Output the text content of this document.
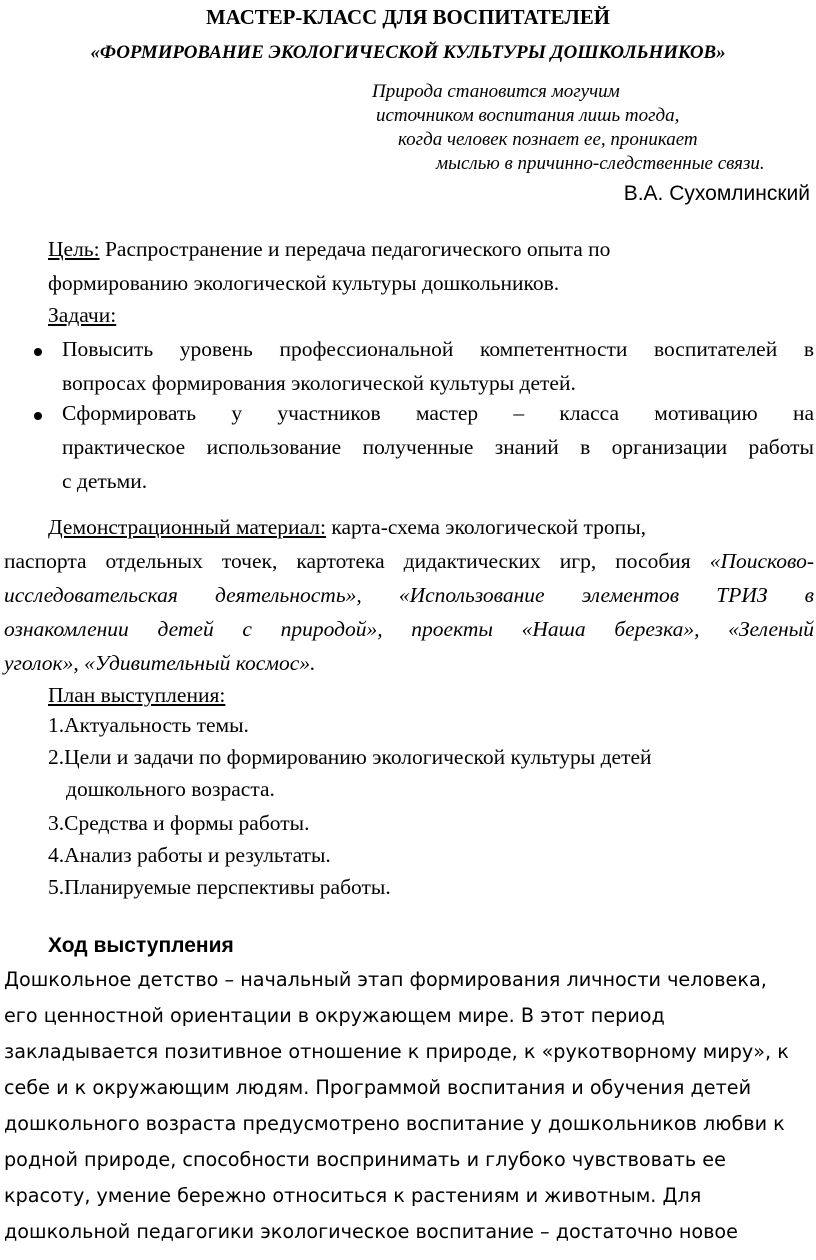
МАСТЕР-КЛАСС ДЛЯ ВОСПИТАТЕЛЕЙ
«ФОРМИРОВАНИЕ ЭКОЛОГИЧЕСКОЙ КУЛЬТУРЫ ДОШКОЛЬНИКОВ»
Природа становится могучим
источником воспитания лишь тогда,
когда человек познает ее, проникает
мыслью в причинно-следственные связи.
В.А. Сухомлинский
Цель: Распространение и передача педагогического опыта по
формированию экологической культуры дошкольников.
Задачи:
Повысить уровень профессиональной компетентности воспитателей в
вопросах формирования экологической культуры детей.
Сформировать у участников мастер – класса мотивацию на
практическое использование полученные знаний в организации работы
с детьми.
Демонстрационный материал: карта-схема экологической тропы,
паспорта отдельных точек, картотека дидактических игр, пособия «Поисково-
исследовательская деятельность», «Использование элементов ТРИЗ в
ознакомлении детей с природой», проекты «Наша березка», «Зеленый
уголок», «Удивительный космос».
План выступления:
1.Актуальность темы.
2.Цели и задачи по формированию экологической культуры детей
дошкольного возраста.
3.Средства и формы работы.
4.Анализ работы и результаты.
5.Планируемые перспективы работы.
Ход выступления
Дошкольное детство – начальный этап формирования личности человека,
его ценностной ориентации в окружающем мире. В этот период
закладывается позитивное отношение к природе, к «рукотворному миру», к
себе и к окружающим людям. Программой воспитания и обучения детей
дошкольного возраста предусмотрено воспитание у дошкольников любви к
родной природе, способности воспринимать и глубоко чувствовать ее
красоту, умение бережно относиться к растениям и животным. Для
дошкольной педагогики экологическое воспитание – достаточно новое
